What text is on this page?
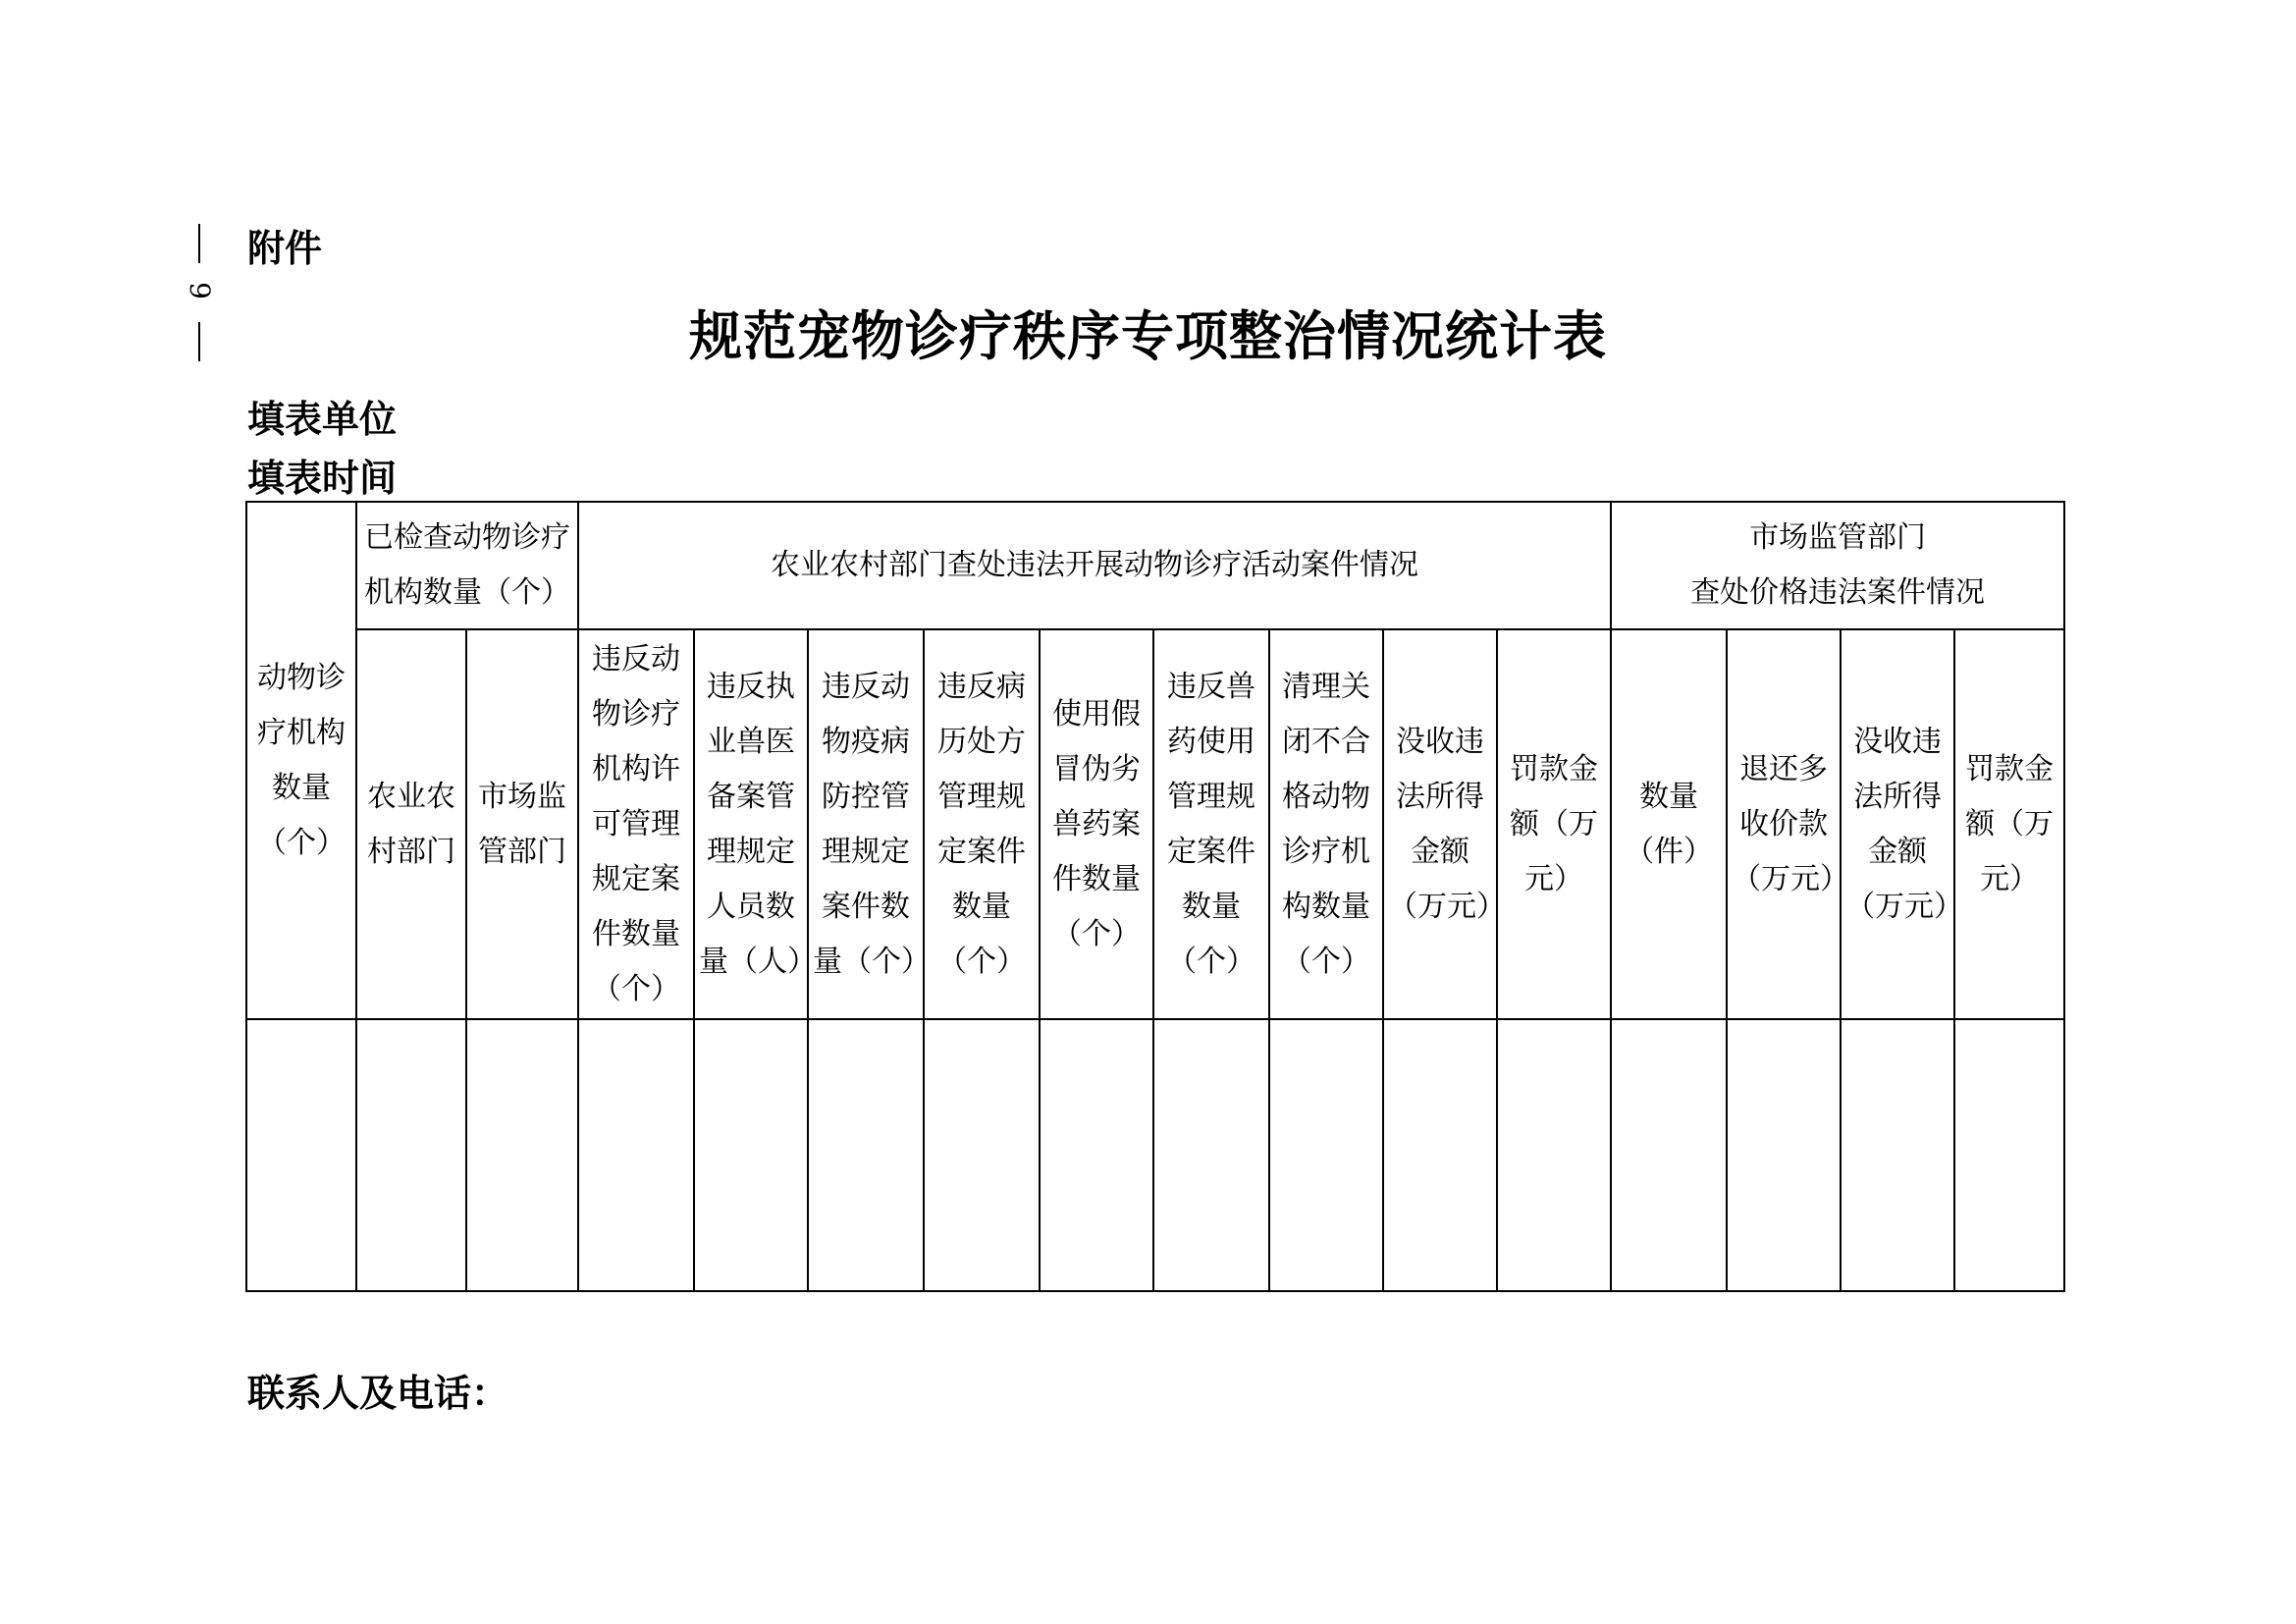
9
附件
规范宠物诊疗秩序专项整治情况统计表
填表单位
填表时间
动物诊疗机构数量（个）	已检查动物诊疗机构数量（个）		农业农村部门查处违法开展动物诊疗活动案件情况									市场监管部门
查处价格违法案件情况			

	农业农村部门	市场监管部门	违反动物诊疗机构许可管理规定案件数量（个）	违反执业兽医备案管理规定人员数量（人）	违反动物疫病防控管理规定案件数量（个）	违反病历处方管理规定案件数量（个）	使用假冒伪劣兽药案件数量（个）	违反兽药使用管理规定案件数量（个）	清理关闭不合格动物诊疗机构数量（个）	没收违法所得金额（万元）	罚款金额（万元）	数量（件）	退还多收价款（万元）	没收违法所得金额（万元）	罚款金额（万元）

联系人及电话：
